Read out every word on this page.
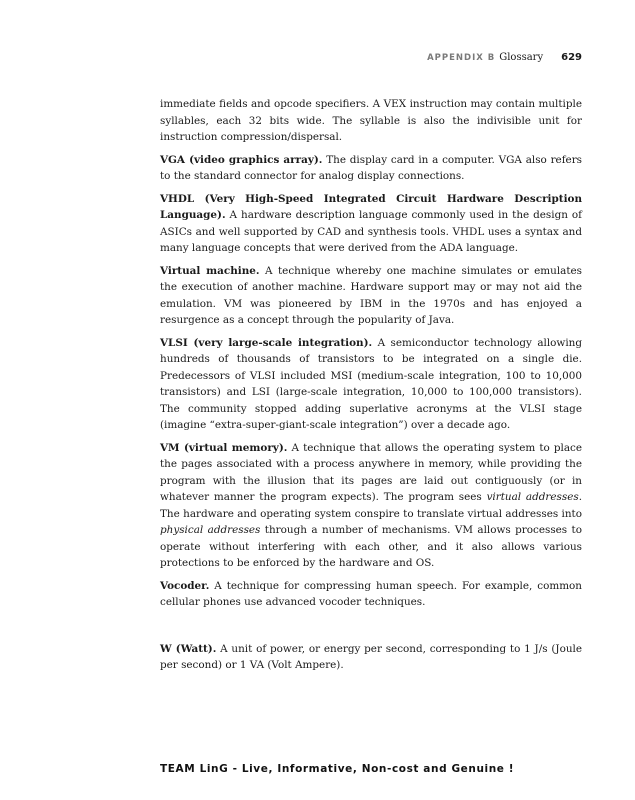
APPENDIX B Glossary 629

immediate fields and opcode specifiers. A VEX instruction may contain multiple syllables, each 32 bits wide. The syllable is also the indivisible unit for instruction compression/dispersal.

VGA (video graphics array). The display card in a computer. VGA also refers to the standard connector for analog display connections.

VHDL (Very High-Speed Integrated Circuit Hardware Description Language). A hardware description language commonly used in the design of ASICs and well supported by CAD and synthesis tools. VHDL uses a syntax and many language concepts that were derived from the ADA language.

Virtual machine. A technique whereby one machine simulates or emulates the execution of another machine. Hardware support may or may not aid the emulation. VM was pioneered by IBM in the 1970s and has enjoyed a resurgence as a concept through the popularity of Java.

VLSI (very large-scale integration). A semiconductor technology allowing hundreds of thousands of transistors to be integrated on a single die. Predecessors of VLSI included MSI (medium-scale integration, 100 to 10,000 transistors) and LSI (large-scale integration, 10,000 to 100,000 transistors). The community stopped adding superlative acronyms at the VLSI stage (imagine “extra-super-giant-scale integration”) over a decade ago.

VM (virtual memory). A technique that allows the operating system to place the pages associated with a process anywhere in memory, while providing the program with the illusion that its pages are laid out contiguously (or in whatever manner the program expects). The program sees virtual addresses. The hardware and operating system conspire to translate virtual addresses into physical addresses through a number of mechanisms. VM allows processes to operate without interfering with each other, and it also allows various protections to be enforced by the hardware and OS.

Vocoder. A technique for compressing human speech. For example, common cellular phones use advanced vocoder techniques.

W (Watt). A unit of power, or energy per second, corresponding to 1 J/s (Joule per second) or 1 VA (Volt Ampere).

TEAM LinG - Live, Informative, Non-cost and Genuine !
